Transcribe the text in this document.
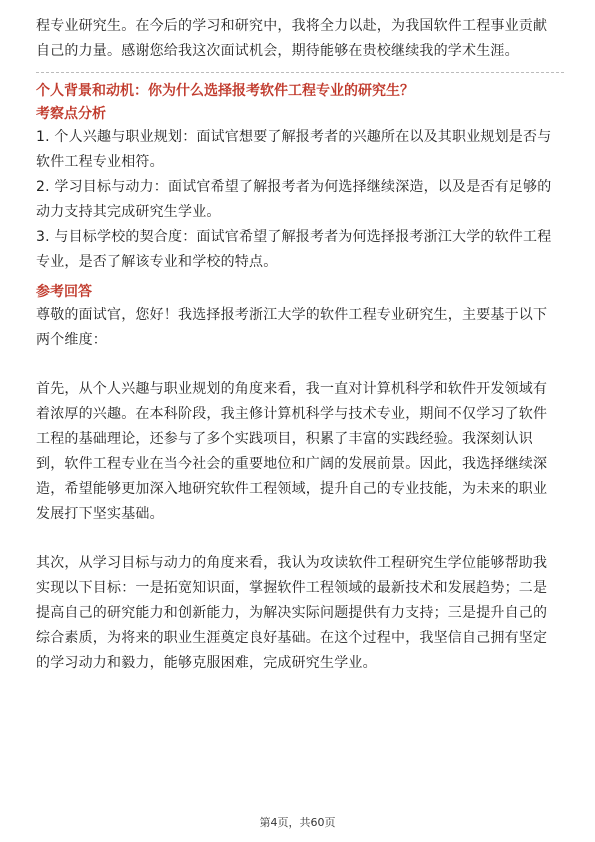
程专业研究生。在今后的学习和研究中，我将全力以赴，为我国软件工程事业贡献

自己的力量。感谢您给我这次面试机会，期待能够在贵校继续我的学术生涯。

个人背景和动机：你为什么选择报考软件工程专业的研究生？

考察点分析

1. 个人兴趣与职业规划：面试官想要了解报考者的兴趣所在以及其职业规划是否与

软件工程专业相符。

2. 学习目标与动力：面试官希望了解报考者为何选择继续深造，以及是否有足够的

动力支持其完成研究生学业。

3. 与目标学校的契合度：面试官希望了解报考者为何选择报考浙江大学的软件工程

专业，是否了解该专业和学校的特点。

参考回答

尊敬的面试官，您好！我选择报考浙江大学的软件工程专业研究生，主要基于以下

两个维度：

首先，从个人兴趣与职业规划的角度来看，我一直对计算机科学和软件开发领域有

着浓厚的兴趣。在本科阶段，我主修计算机科学与技术专业，期间不仅学习了软件

工程的基础理论，还参与了多个实践项目，积累了丰富的实践经验。我深刻认识

到，软件工程专业在当今社会的重要地位和广阔的发展前景。因此，我选择继续深

造，希望能够更加深入地研究软件工程领域，提升自己的专业技能，为未来的职业

发展打下坚实基础。

其次，从学习目标与动力的角度来看，我认为攻读软件工程研究生学位能够帮助我

实现以下目标：一是拓宽知识面，掌握软件工程领域的最新技术和发展趋势；二是

提高自己的研究能力和创新能力，为解决实际问题提供有力支持；三是提升自己的

综合素质，为将来的职业生涯奠定良好基础。在这个过程中，我坚信自己拥有坚定

的学习动力和毅力，能够克服困难，完成研究生学业。

第4页，共60页
